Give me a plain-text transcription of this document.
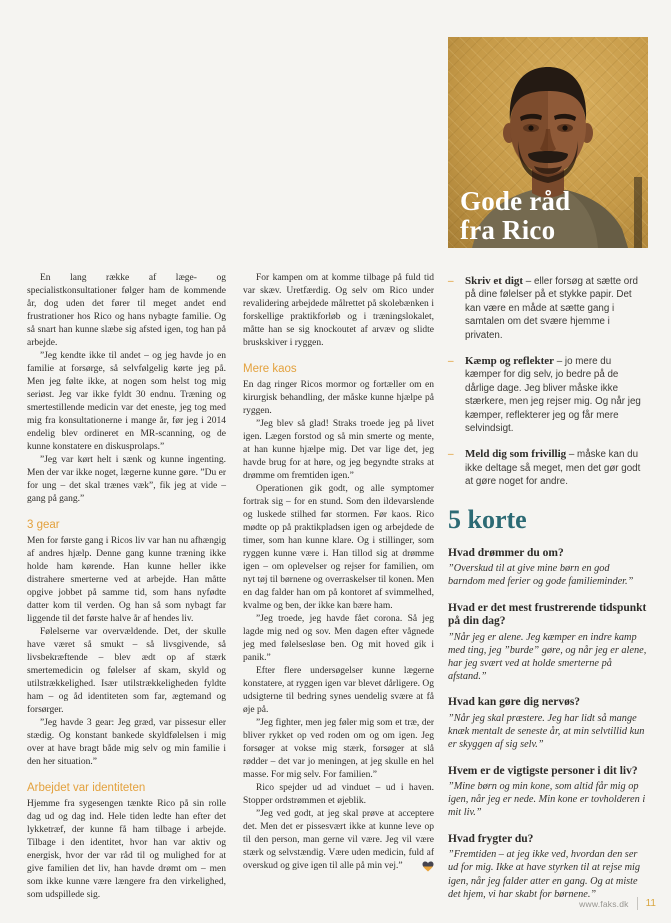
En lang række af læge- og specialistkonsultationer følger ham de kommende år, dog uden det fører til meget andet end frustrationer hos Rico og hans nybagte familie. Og så snart han kunne slæbe sig afsted igen, tog han på arbejde.

”Jeg kendte ikke til andet – og jeg havde jo en familie at forsørge, så selvfølgelig kørte jeg på. Men jeg følte ikke, at nogen som helst tog mig seriøst. Jeg var ikke fyldt 30 endnu. Træning og smertestillende medicin var det eneste, jeg tog med mig fra konsultationerne i mange år, før jeg i 2014 endelig blev ordineret en MR-scanning, og de kunne konstatere en diskusprolaps.”

”Jeg var kørt helt i sænk og kunne ingenting. Men der var ikke noget, lægerne kunne gøre. ”Du er for ung – det skal trænes væk”, fik jeg at vide – gang på gang.”

3 gear

Men for første gang i Ricos liv var han nu afhængig af andres hjælp. Denne gang kunne træning ikke holde ham kørende. Han kunne heller ikke distrahere smerterne ved at arbejde. Han måtte opgive jobbet på samme tid, som hans nyfødte datter kom til verden. Og han så som nybagt far liggende til det første halve år af hendes liv.

Følelserne var overvældende. Det, der skulle have været så smukt – så livsgivende, så livsbekræftende – blev ædt op af stærk smertemedicin og følelser af skam, skyld og utilstrækkelighed. Især utilstrækkeligheden fyldte ham – og åd identiteten som far, ægtemand og forsørger.

”Jeg havde 3 gear: Jeg græd, var pissesur eller stædig. Og konstant bankede skyldfølelsen i mig over at have bragt både mig selv og min familie i den her situation.”

Arbejdet var identiteten

Hjemme fra sygesengen tænkte Rico på sin rolle dag ud og dag ind. Hele tiden ledte han efter det lykketræf, der kunne få ham tilbage i arbejde. Tilbage i den identitet, hvor han var aktiv og energisk, hvor der var råd til og mulighed for at give familien det liv, han havde drømt om – men som ikke kunne være længere fra den virkelighed, som udspillede sig.

For kampen om at komme tilbage på fuld tid var skæv. Uretfærdig. Og selv om Rico under revalidering arbejdede målrettet på skolebænken i forskellige praktikforløb og i træningslokalet, måtte han se sig knockoutet af arvæv og slidte bruskskiver i ryggen.

Mere kaos

En dag ringer Ricos mormor og fortæller om en kirurgisk behandling, der måske kunne hjælpe på ryggen.

”Jeg blev så glad! Straks troede jeg på livet igen. Lægen forstod og så min smerte og mente, at han kunne hjælpe mig. Det var lige det, jeg havde brug for at høre, og jeg begyndte straks at drømme om fremtiden igen.”

Operationen gik godt, og alle symptomer fortrak sig – for en stund. Som den ildevarslende og luskede stilhed før stormen. Før kaos. Rico mødte op på praktikpladsen igen og arbejdede de timer, som han kunne klare. Og i stillinger, som ryggen kunne være i. Han tillod sig at drømme igen – om oplevelser og rejser for familien, om nyt tøj til børnene og overraskelser til konen. Men en dag falder han om på kontoret af svimmelhed, kvalme og ben, der ikke kan bære ham.

”Jeg troede, jeg havde fået corona. Så jeg lagde mig ned og sov. Men dagen efter vågnede jeg med følelsesløse ben. Og mit hoved gik i panik.”

Efter flere undersøgelser kunne lægerne konstatere, at ryggen igen var blevet dårligere. Og udsigterne til bedring synes uendelig svære at få øje på.

”Jeg fighter, men jeg føler mig som et træ, der bliver rykket op ved roden om og om igen. Jeg forsøger at vokse mig stærk, forsøger at slå rødder – det var jo meningen, at jeg skulle en hel masse. For mig selv. For familien.”

Rico spejder ud ad vinduet – ud i haven. Stopper ordstrømmen et øjeblik.

”Jeg ved godt, at jeg skal prøve at acceptere det. Men det er pissesvært ikke at kunne leve op til den person, man gerne vil være. Jeg vil være stærk og selvstændig. Være uden medicin, fuld af overskud og give igen til alle på min vej.”

Gode råd
fra Rico
–	Skriv et digt – eller forsøg at sætte ord på dine følelser på et stykke papir. Det kan være en måde at sætte gang i samtalen om det svære hjemme i privaten.
–	Kæmp og reflekter – jo mere du kæmper for dig selv, jo bedre på de dårlige dage. Jeg bliver måske ikke stærkere, men jeg rejser mig. Og når jeg kæmper, reflekterer jeg og får mere selvindsigt.
–	Meld dig som frivillig – måske kan du ikke deltage så meget, men det gør godt at gøre noget for andre.
5 korte
Hvad drømmer du om?
”Overskud til at give mine børn en god barndom med ferier og gode familieminder.”
Hvad er det mest frustrerende tidspunkt på din dag?
”Når jeg er alene. Jeg kæmper en indre kamp med ting, jeg ”burde” gøre, og når jeg er alene, har jeg svært ved at holde smerterne på afstand.”
Hvad kan gøre dig nervøs?
”Når jeg skal præstere. Jeg har lidt så mange knæk mentalt de seneste år, at min selvtillid kun er skyggen af sig selv.”
Hvem er de vigtigste personer i dit liv?
”Mine børn og min kone, som altid får mig op igen, når jeg er nede. Min kone er tovholderen i mit liv.”
Hvad frygter du?
”Fremtiden – at jeg ikke ved, hvordan den ser ud for mig. Ikke at have styrken til at rejse mig igen, når jeg falder atter en gang. Og at miste det hjem, vi har skabt for børnene.”
www.faks.dk 11
